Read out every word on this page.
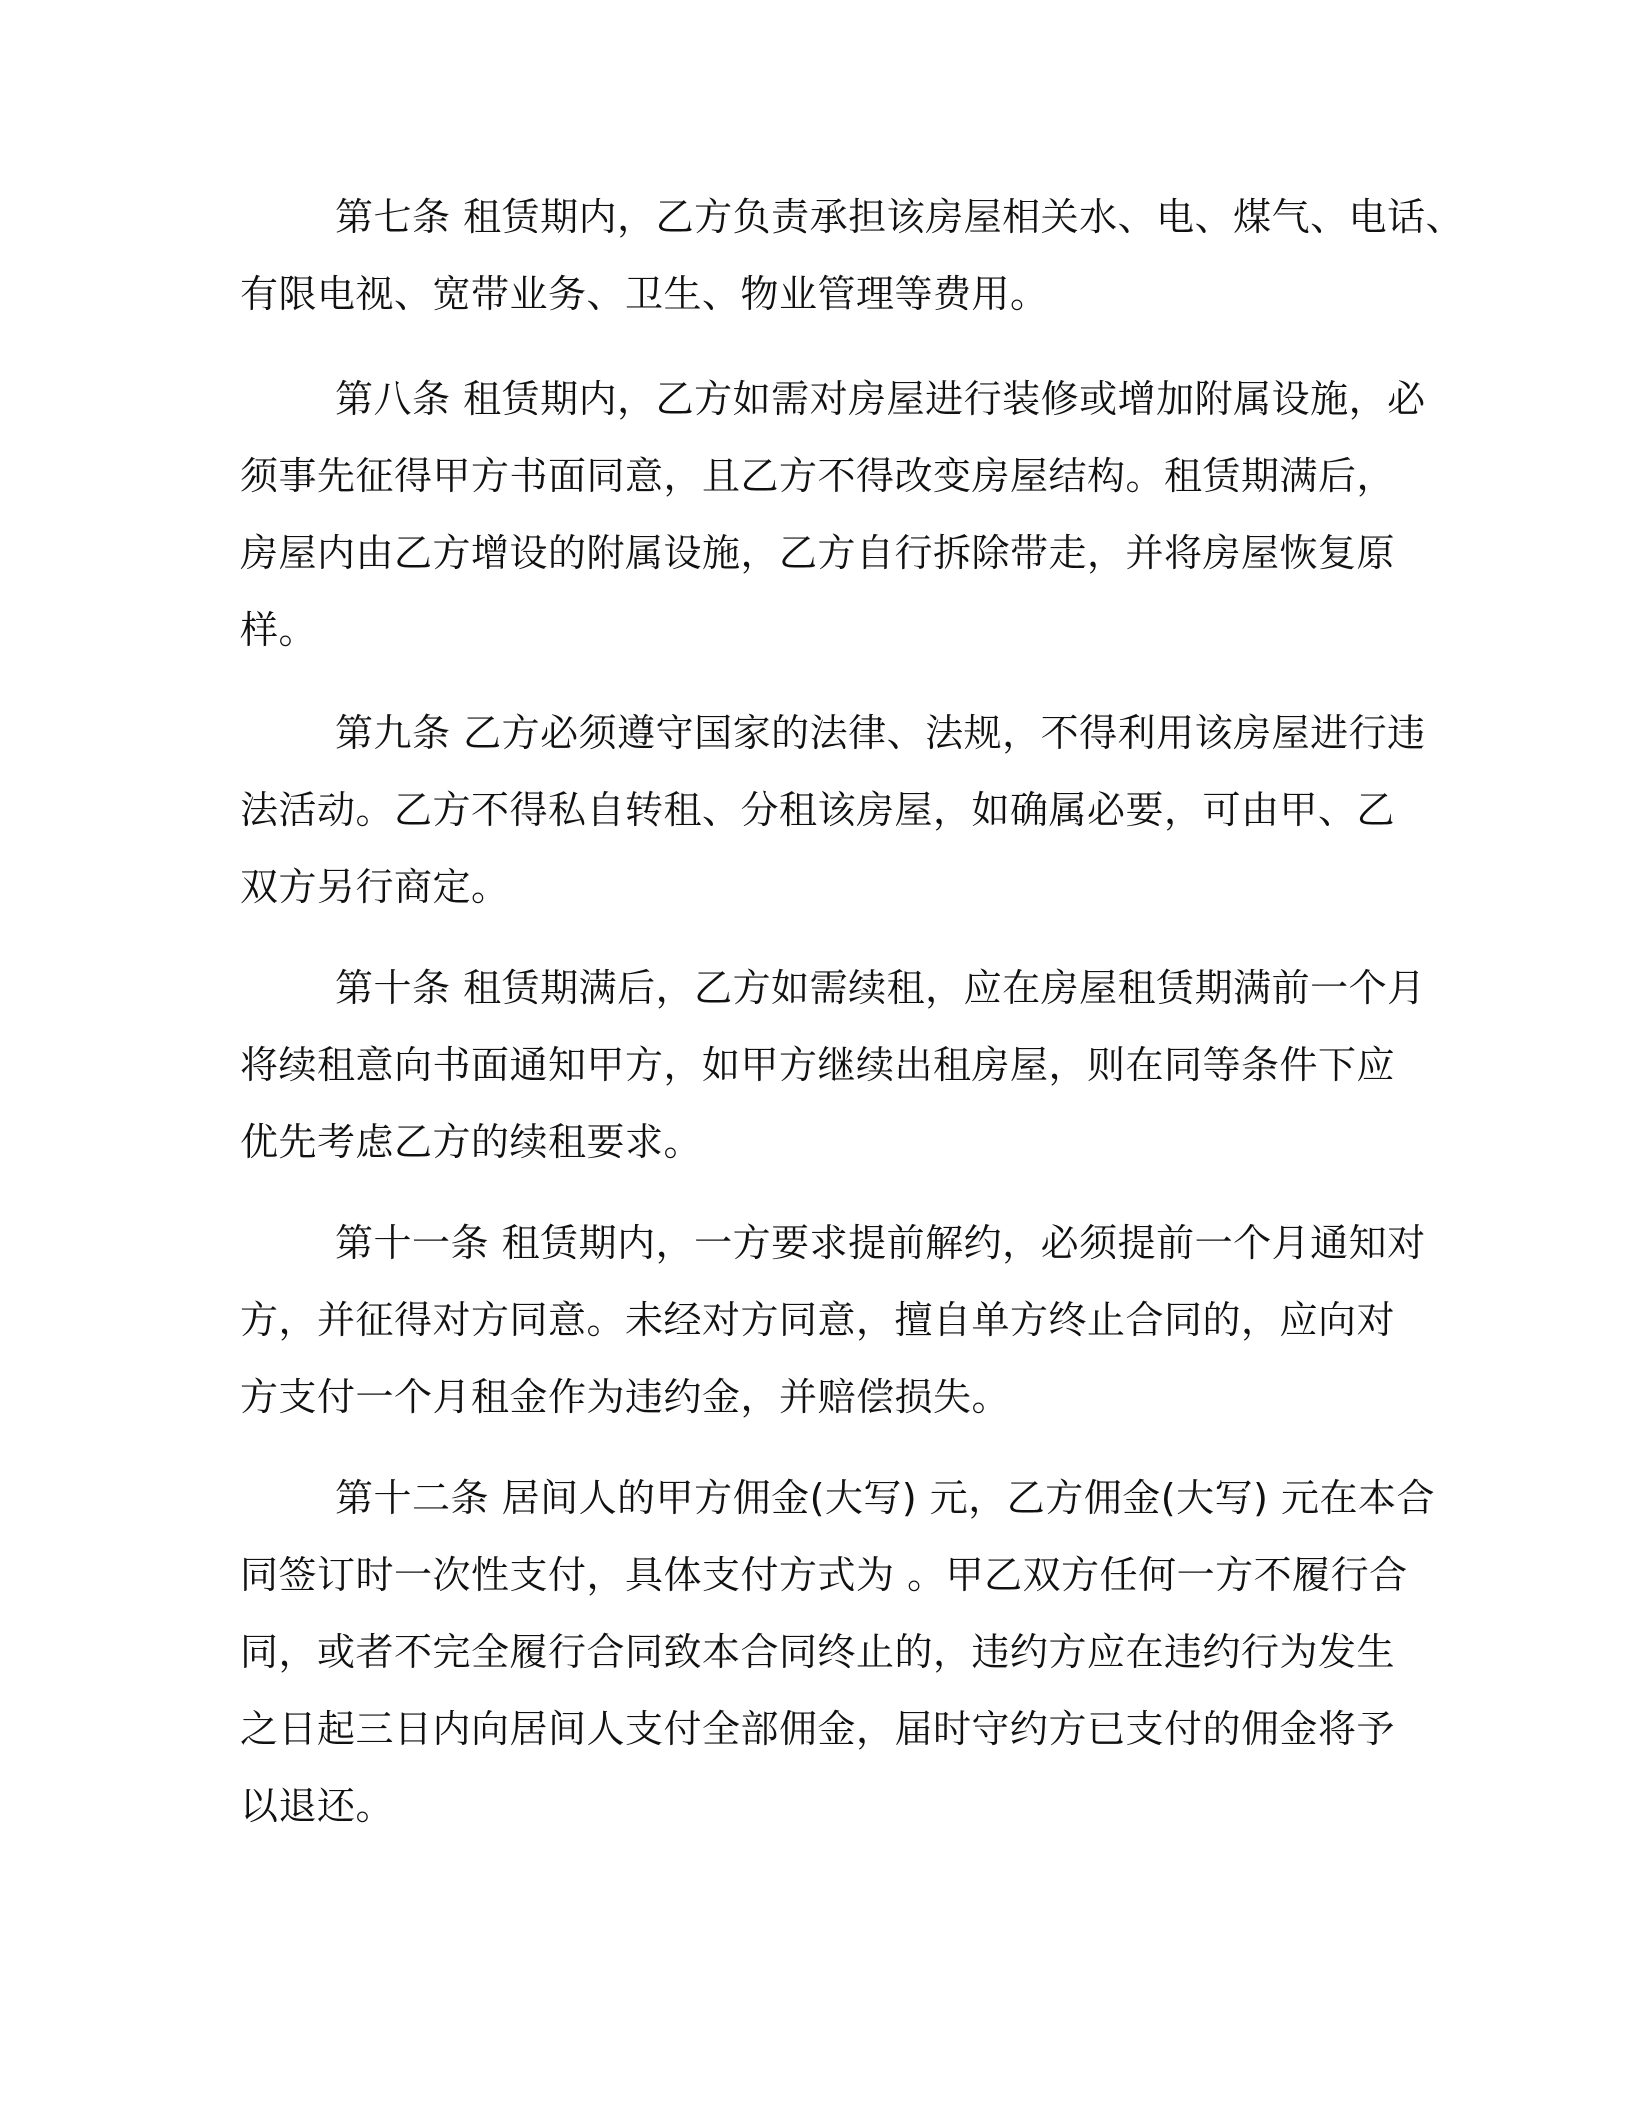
第七条 租赁期内，乙方负责承担该房屋相关水、电、煤气、电话、
有限电视、宽带业务、卫生、物业管理等费用。
第八条 租赁期内，乙方如需对房屋进行装修或增加附属设施，必
须事先征得甲方书面同意，且乙方不得改变房屋结构。租赁期满后，
房屋内由乙方增设的附属设施，乙方自行拆除带走，并将房屋恢复原
样。
第九条 乙方必须遵守国家的法律、法规，不得利用该房屋进行违
法活动。乙方不得私自转租、分租该房屋，如确属必要，可由甲、乙
双方另行商定。
第十条 租赁期满后，乙方如需续租，应在房屋租赁期满前一个月
将续租意向书面通知甲方，如甲方继续出租房屋，则在同等条件下应
优先考虑乙方的续租要求。
第十一条 租赁期内，一方要求提前解约，必须提前一个月通知对
方，并征得对方同意。未经对方同意，擅自单方终止合同的，应向对
方支付一个月租金作为违约金，并赔偿损失。
第十二条 居间人的甲方佣金(大写) 元，乙方佣金(大写) 元在本合
同签订时一次性支付，具体支付方式为 。甲乙双方任何一方不履行合
同，或者不完全履行合同致本合同终止的，违约方应在违约行为发生
之日起三日内向居间人支付全部佣金，届时守约方已支付的佣金将予
以退还。
